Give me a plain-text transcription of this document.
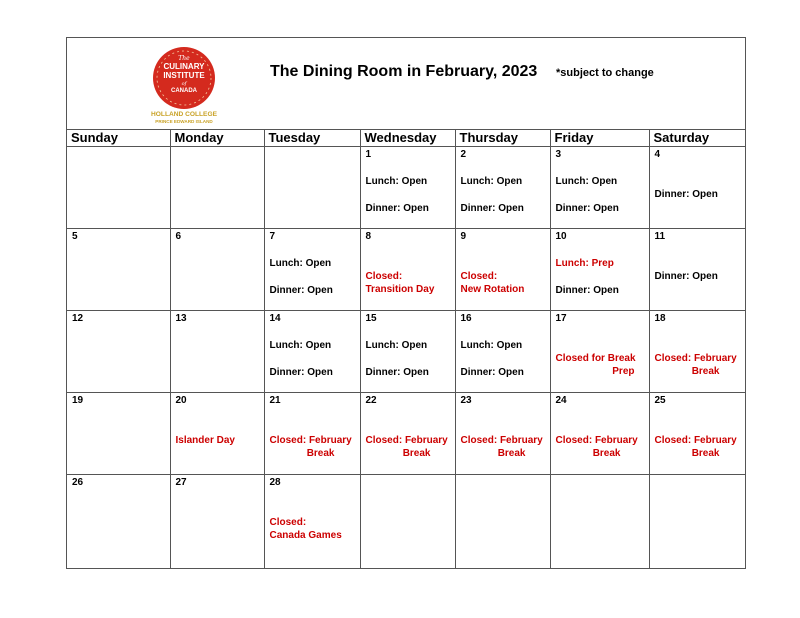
The
CULINARY
INSTITUTE
of
CANADA
HOLLAND COLLEGE
PRINCE EDWARD ISLAND
The Dining Room in February, 2023 *subject to change
Sunday	Monday	Tuesday	Wednesday	Thursday	Friday	Saturday

			1
Lunch: Open
Dinner: Open	2
Lunch: Open
Dinner: Open	3
Lunch: Open
Dinner: Open	4
Dinner: Open

5	6	7
Lunch: Open
Dinner: Open	8
Closed:
Transition Day	9
Closed:
New Rotation	10
Lunch: Prep
Dinner: Open	11
Dinner: Open

12	13	14
Lunch: Open
Dinner: Open	15
Lunch: Open
Dinner: Open	16
Lunch: Open
Dinner: Open	17
Closed for Break
Prep	18
Closed: February
Break

19	20
Islander Day	21
Closed: February
Break	22
Closed: February
Break	23
Closed: February
Break	24
Closed: February
Break	25
Closed: February
Break

26	27	28
Closed:
Canada Games				
